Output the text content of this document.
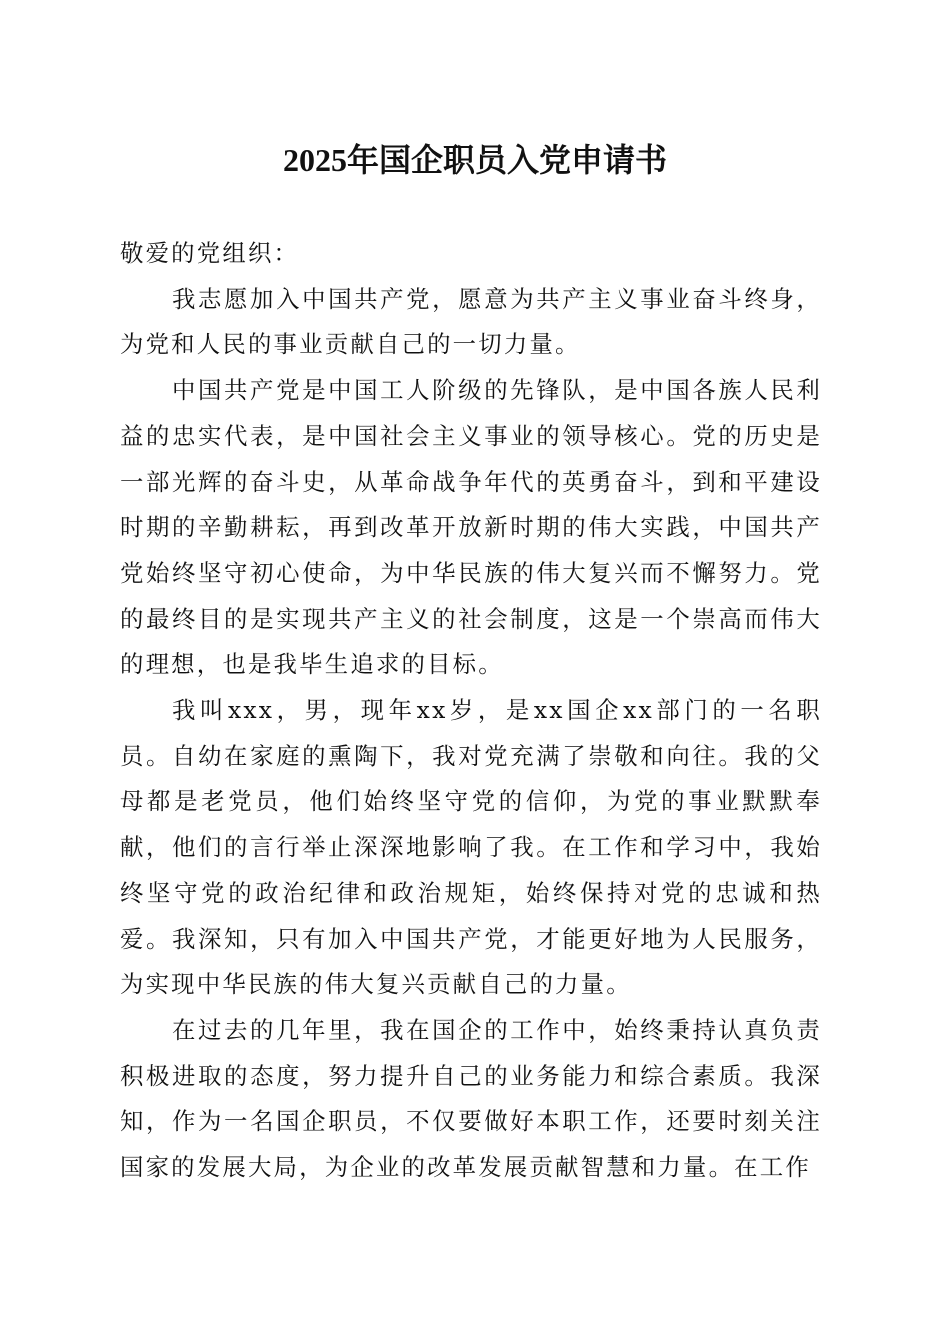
2025年国企职员入党申请书

敬爱的党组织：

我志愿加入中国共产党，愿意为共产主义事业奋斗终身，为党和人民的事业贡献自己的一切力量。

中国共产党是中国工人阶级的先锋队，是中国各族人民利益的忠实代表，是中国社会主义事业的领导核心。党的历史是一部光辉的奋斗史，从革命战争年代的英勇奋斗，到和平建设时期的辛勤耕耘，再到改革开放新时期的伟大实践，中国共产党始终坚守初心使命，为中华民族的伟大复兴而不懈努力。党的最终目的是实现共产主义的社会制度，这是一个崇高而伟大的理想，也是我毕生追求的目标。

我叫xxx，男，现年xx岁，是xx国企xx部门的一名职员。自幼在家庭的熏陶下，我对党充满了崇敬和向往。我的父母都是老党员，他们始终坚守党的信仰，为党的事业默默奉献，他们的言行举止深深地影响了我。在工作和学习中，我始终坚守党的政治纪律和政治规矩，始终保持对党的忠诚和热爱。我深知，只有加入中国共产党，才能更好地为人民服务，为实现中华民族的伟大复兴贡献自己的力量。

在过去的几年里，我在国企的工作中，始终秉持认真负责积极进取的态度，努力提升自己的业务能力和综合素质。我深知，作为一名国企职员，不仅要做好本职工作，还要时刻关注国家的发展大局，为企业的改革发展贡献智慧和力量。在工作
